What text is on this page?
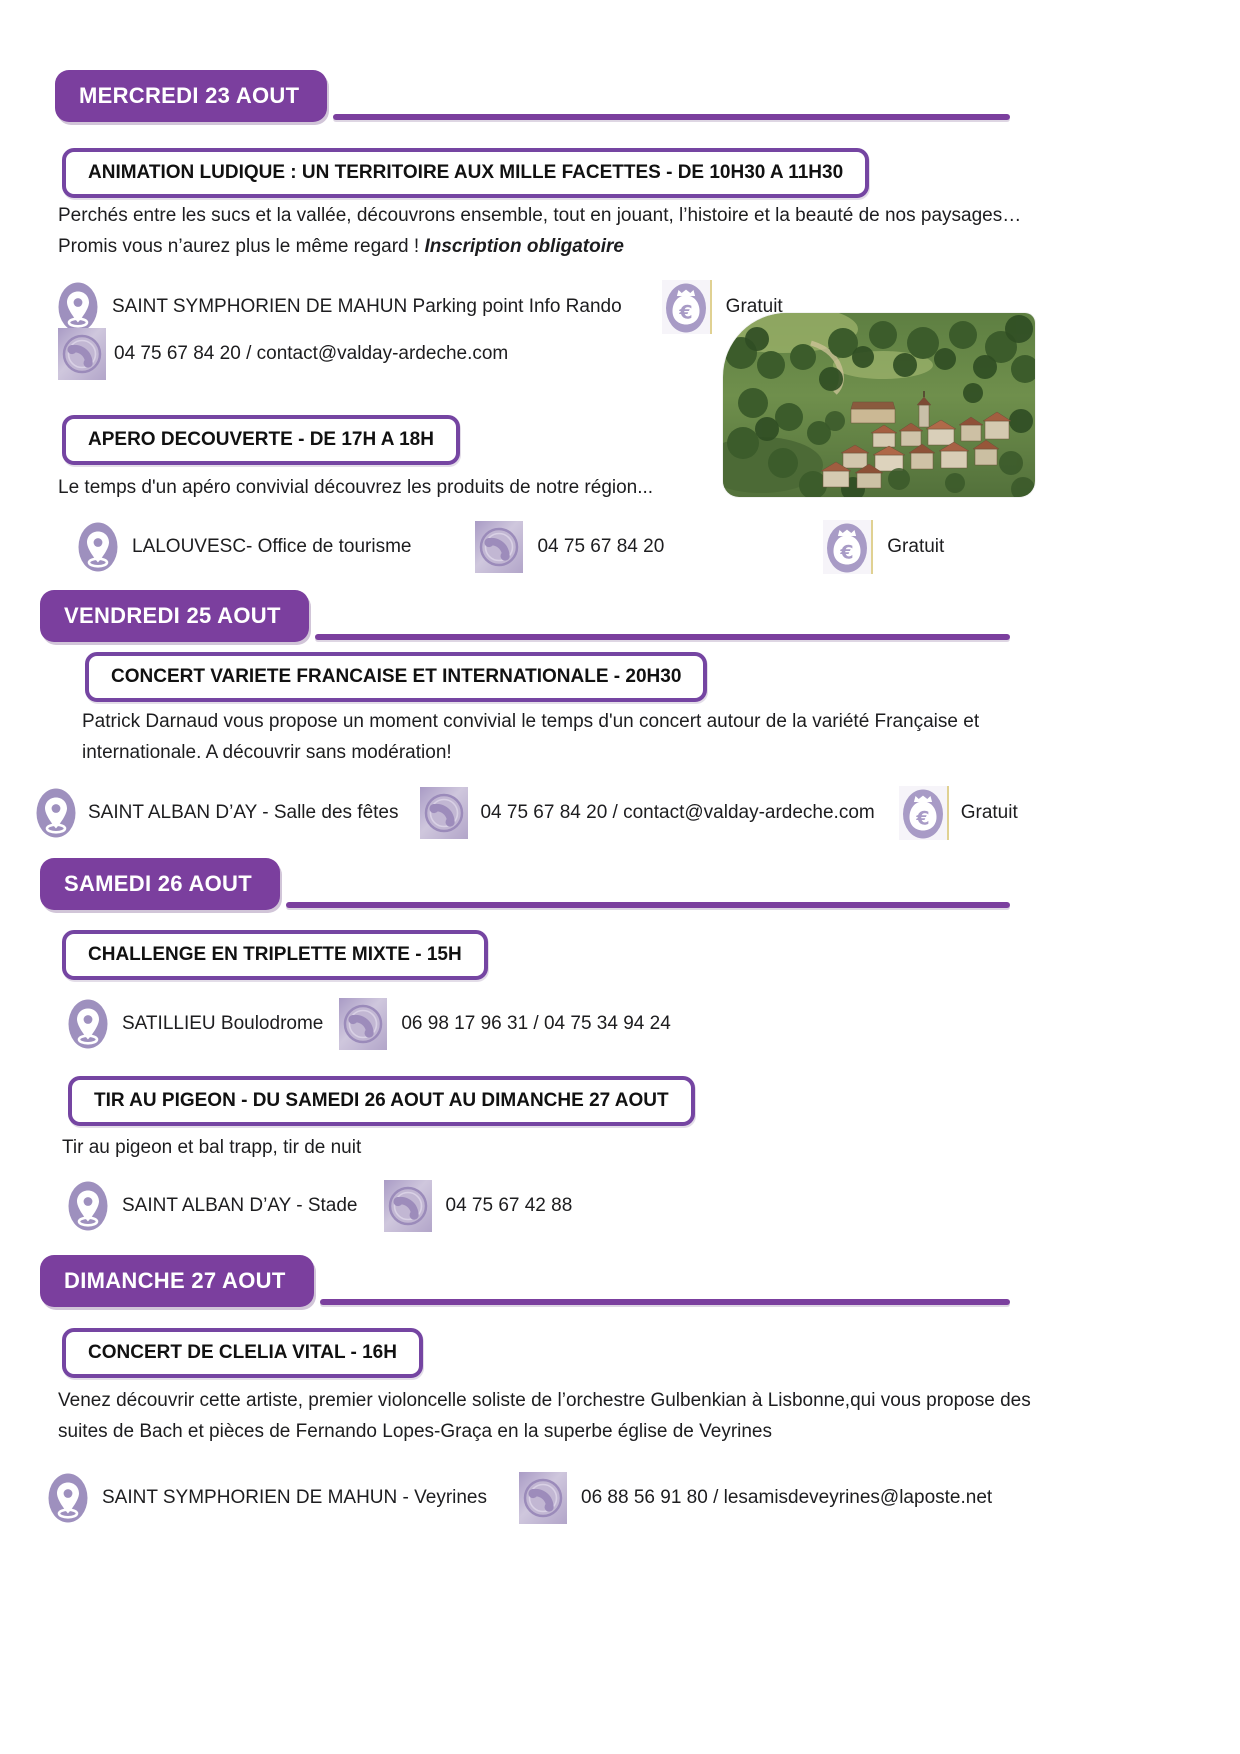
MERCREDI 23 AOUT
ANIMATION LUDIQUE : UN TERRITOIRE AUX MILLE FACETTES - DE 10H30 A 11H30

Perchés entre les sucs et la vallée, découvrons ensemble, tout en jouant, l’histoire et la beauté de nos paysages… Promis vous n’aurez plus le même regard ! Inscription obligatoire

SAINT SYMPHORIEN DE MAHUN Parking point Info Rando	Gratuit
04 75 67 84 20 / contact@valday-ardeche.com
APERO DECOUVERTE - DE 17H A 18H

Le temps d'un apéro convivial découvrez les produits de notre région...

LALOUVESC- Office de tourisme	04 75 67 84 20	Gratuit
VENDREDI 25 AOUT
CONCERT VARIETE FRANCAISE ET INTERNATIONALE - 20H30

Patrick Darnaud vous propose un moment convivial le temps d'un concert autour de la variété Française et internationale. A découvrir sans modération!

SAINT ALBAN D’AY - Salle des fêtes	04 75 67 84 20 / contact@valday-ardeche.com	Gratuit
SAMEDI 26 AOUT
CHALLENGE EN TRIPLETTE MIXTE - 15H
SATILLIEU Boulodrome	06 98 17 96 31 / 04 75 34 94 24
TIR AU PIGEON - DU SAMEDI 26 AOUT AU DIMANCHE 27 AOUT

Tir au pigeon et bal trapp, tir de nuit

SAINT ALBAN D’AY - Stade	04 75 67 42 88
DIMANCHE 27 AOUT
CONCERT DE CLELIA VITAL - 16H

Venez découvrir cette artiste, premier violoncelle soliste de l’orchestre Gulbenkian à Lisbonne,qui vous propose des suites de Bach et pièces de Fernando Lopes-Graça en la superbe église de Veyrines

SAINT SYMPHORIEN DE MAHUN - Veyrines	06 88 56 91 80 / lesamisdeveyrines@laposte.net
